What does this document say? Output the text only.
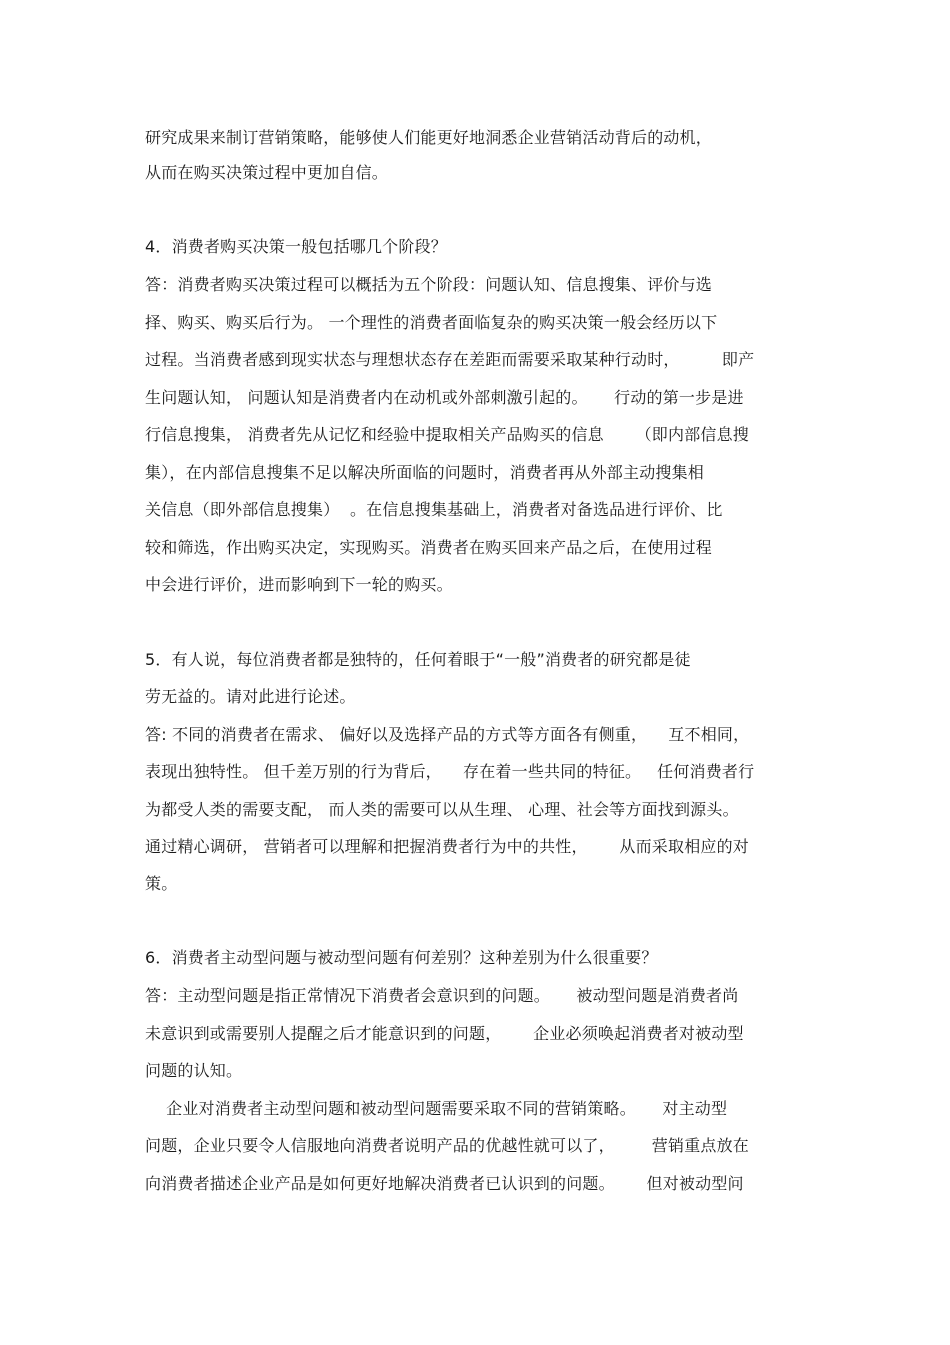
研究成果来制订营销策略，能够使人们能更好地洞悉企业营销活动背后的动机，
从而在购买决策过程中更加自信。
4．消费者购买决策一般包括哪几个阶段？
答：消费者购买决策过程可以概括为五个阶段：问题认知、信息搜集、评价与选
择、购买、购买后行为。 一个理性的消费者面临复杂的购买决策一般会经历以下
过程。当消费者感到现实状态与理想状态存在差距而需要采取某种行动时，        即产
生问题认知， 问题认知是消费者内在动机或外部刺激引起的。     行动的第一步是进
行信息搜集， 消费者先从记忆和经验中提取相关产品购买的信息      （即内部信息搜
集），在内部信息搜集不足以解决所面临的问题时，消费者再从外部主动搜集相
关信息（即外部信息搜集）  。在信息搜集基础上，消费者对备选品进行评价、比
较和筛选，作出购买决定，实现购买。消费者在购买回来产品之后，在使用过程
中会进行评价，进而影响到下一轮的购买。
5．有人说，每位消费者都是独特的，任何着眼于“一般”消费者的研究都是徒
劳无益的。请对此进行论述。
答: 不同的消费者在需求、 偏好以及选择产品的方式等方面各有侧重，    互不相同，
表现出独特性。 但千差万别的行为背后，    存在着一些共同的特征。   任何消费者行
为都受人类的需要支配， 而人类的需要可以从生理、 心理、社会等方面找到源头。
通过精心调研， 营销者可以理解和把握消费者行为中的共性，      从而采取相应的对
策。
6．消费者主动型问题与被动型问题有何差别？这种差别为什么很重要？
答：主动型问题是指正常情况下消费者会意识到的问题。     被动型问题是消费者尚
未意识到或需要别人提醒之后才能意识到的问题，      企业必须唤起消费者对被动型
问题的认知。
企业对消费者主动型问题和被动型问题需要采取不同的营销策略。     对主动型
问题，企业只要令人信服地向消费者说明产品的优越性就可以了，       营销重点放在
向消费者描述企业产品是如何更好地解决消费者已认识到的问题。      但对被动型问
